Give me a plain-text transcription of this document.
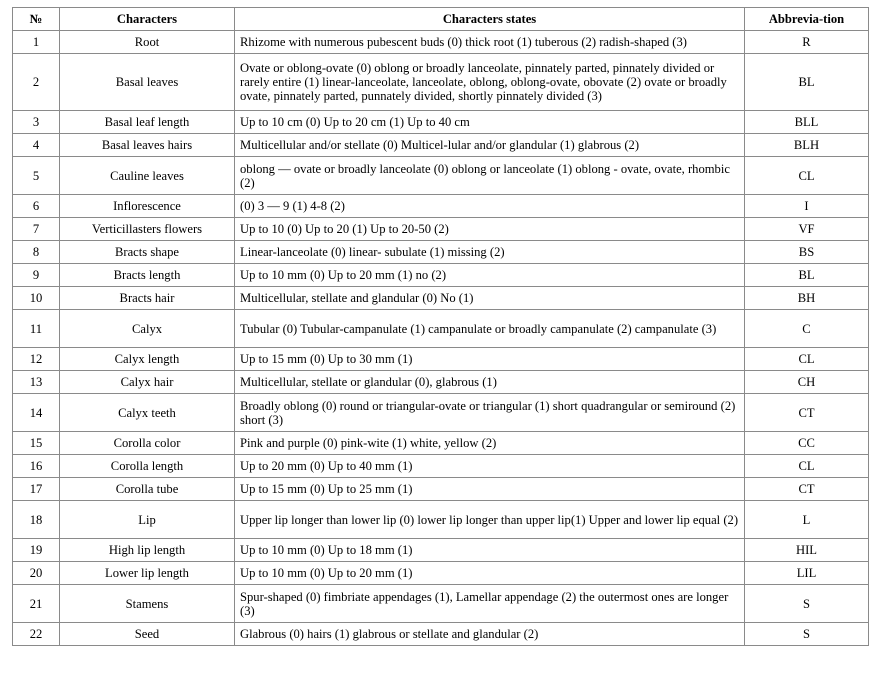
№	Characters	Characters states	Abbrevia-tion
1	Root	Rhizome with numerous pubescent buds (0) thick root (1) tuberous (2) radish-shaped (3)	R
2	Basal leaves	Ovate or oblong-ovate (0) oblong or broadly lanceolate, pinnately parted, pinnately divided or rarely entire (1) linear-lanceolate, lanceolate, oblong, oblong-ovate, obovate (2) ovate or broadly ovate, pinnately parted, punnately divided, shortly pinnately divided (3)	BL
3	Basal leaf length	Up to 10 cm (0) Up to 20 cm (1) Up to 40 cm	BLL
4	Basal leaves hairs	Multicellular and/or stellate (0) Multicel-lular and/or glandular (1) glabrous (2)	BLH
5	Cauline leaves	oblong — ovate or broadly lanceolate (0) oblong or lanceolate (1) oblong - ovate, ovate, rhombic (2)	CL
6	Inflorescence	(0) 3 — 9 (1) 4-8 (2)	I
7	Verticillasters flowers	Up to 10 (0) Up to 20 (1) Up to 20-50 (2)	VF
8	Bracts shape	Linear-lanceolate (0) linear- subulate (1) missing (2)	BS
9	Bracts length	Up to 10 mm (0) Up to 20 mm (1) no (2)	BL
10	Bracts hair	Multicellular, stellate and glandular (0) No (1)	BH
11	Calyx	Tubular (0) Tubular-campanulate (1) campanulate or broadly campanulate (2) campanulate (3)	C
12	Calyx length	Up to 15 mm (0) Up to 30 mm (1)	CL
13	Calyx hair	Multicellular, stellate or glandular (0), glabrous (1)	CH
14	Calyx teeth	Broadly oblong (0) round or triangular-ovate or triangular (1) short quadrangular or semiround (2) short (3)	CT
15	Corolla color	Pink and purple (0) pink-wite (1) white, yellow (2)	CC
16	Corolla length	Up to 20 mm (0) Up to 40 mm (1)	CL
17	Corolla tube	Up to 15 mm (0) Up to 25 mm (1)	CT
18	Lip	Upper lip longer than lower lip (0) lower lip longer than upper lip(1) Upper and lower lip equal (2)	L
19	High lip length	Up to 10 mm (0) Up to 18 mm (1)	HIL
20	Lower lip length	Up to 10 mm (0) Up to 20 mm (1)	LIL
21	Stamens	Spur-shaped (0) fimbriate appendages (1), Lamellar appendage (2) the outermost ones are longer (3)	S
22	Seed	Glabrous (0) hairs (1) glabrous or stellate and glandular (2)	S
